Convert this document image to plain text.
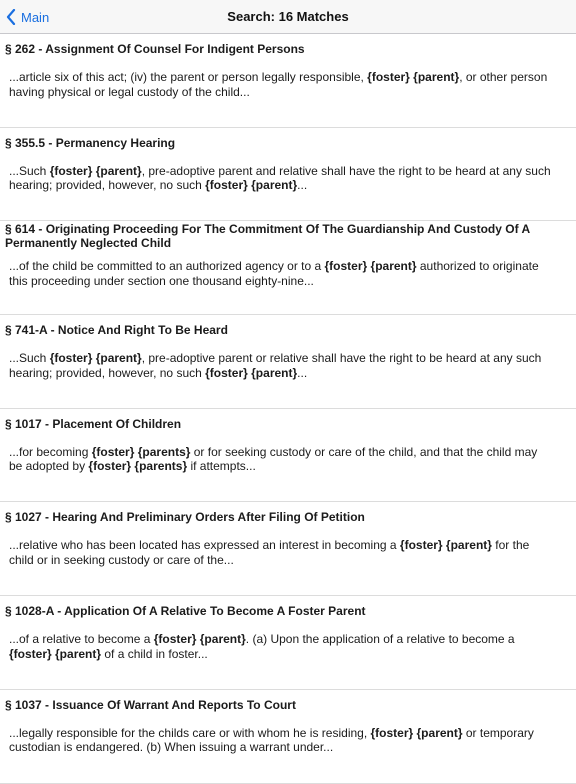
Main	Search: 16 Matches
§ 262 - Assignment Of Counsel For Indigent Persons
...article six of this act; (iv) the parent or person legally responsible, {foster} {parent}, or other person having physical or legal custody of the child...
§ 355.5 - Permanency Hearing
...Such {foster} {parent}, pre-adoptive parent and relative shall have the right to be heard at any such hearing; provided, however, no such {foster} {parent}...
§ 614 - Originating Proceeding For The Commitment Of The Guardianship And Custody Of A Permanently Neglected Child
...of the child be committed to an authorized agency or to a {foster} {parent} authorized to originate this proceeding under section one thousand eighty-nine...
§ 741-A - Notice And Right To Be Heard
...Such {foster} {parent}, pre-adoptive parent or relative shall have the right to be heard at any such hearing; provided, however, no such {foster} {parent}...
§ 1017 - Placement Of Children
...for becoming {foster} {parents} or for seeking custody or care of the child, and that the child may be adopted by {foster} {parents} if attempts...
§ 1027 - Hearing And Preliminary Orders After Filing Of Petition
...relative who has been located has expressed an interest in becoming a {foster} {parent} for the child or in seeking custody or care of the...
§ 1028-A - Application Of A Relative To Become A Foster Parent
...of a relative to become a {foster} {parent}. (a) Upon the application of a relative to become a {foster} {parent} of a child in foster...
§ 1037 - Issuance Of Warrant And Reports To Court
...legally responsible for the childs care or with whom he is residing, {foster} {parent} or temporary custodian is endangered. (b) When issuing a warrant under...
